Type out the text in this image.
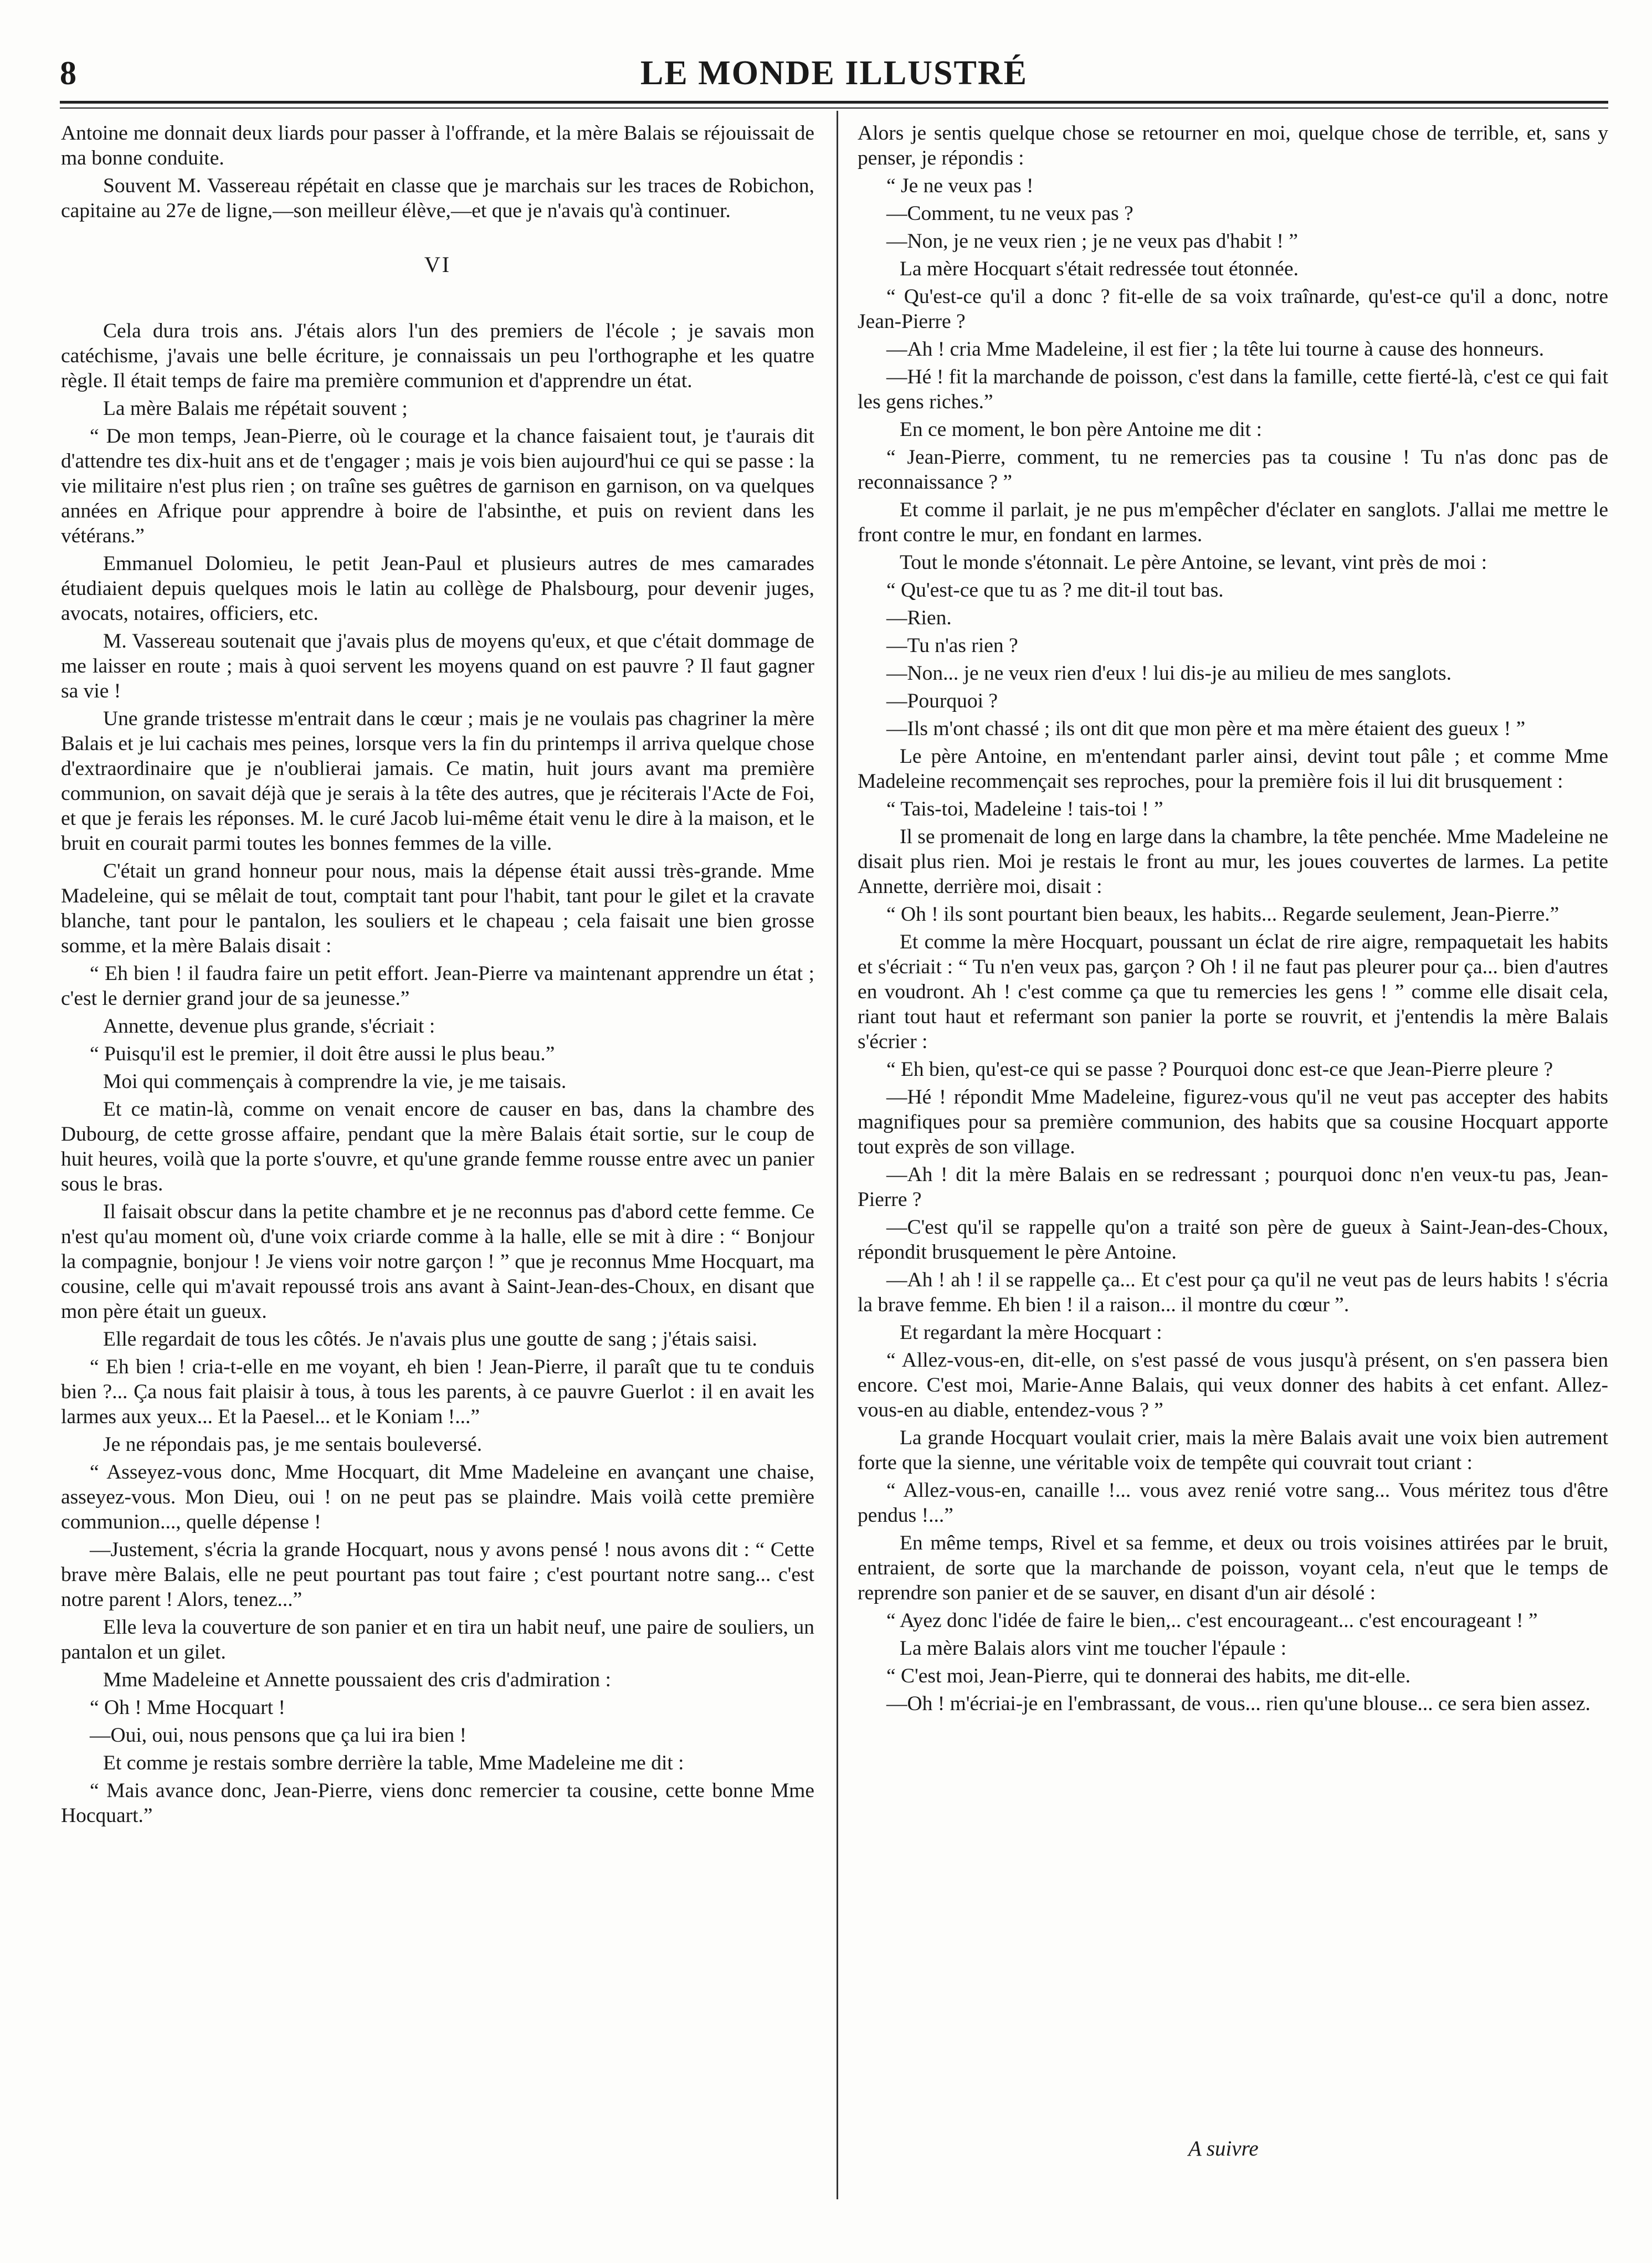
8	LE MONDE ILLUSTRÉ

Antoine me donnait deux liards pour passer à l'offrande, et la mère Balais se réjouissait de ma bonne conduite.

Souvent M. Vassereau répétait en classe que je marchais sur les traces de Robichon, capitaine au 27e de ligne,—son meilleur élève,—et que je n'avais qu'à continuer.

VI

Cela dura trois ans. J'étais alors l'un des premiers de l'école ; je savais mon catéchisme, j'avais une belle écriture, je connaissais un peu l'orthographe et les quatre règle. Il était temps de faire ma première communion et d'apprendre un état.

La mère Balais me répétait souvent ;

“ De mon temps, Jean-Pierre, où le courage et la chance faisaient tout, je t'aurais dit d'attendre tes dix-huit ans et de t'engager ; mais je vois bien aujourd'hui ce qui se passe : la vie militaire n'est plus rien ; on traîne ses guêtres de garnison en garnison, on va quelques années en Afrique pour apprendre à boire de l'absinthe, et puis on revient dans les vétérans.”

Emmanuel Dolomieu, le petit Jean-Paul et plusieurs autres de mes camarades étudiaient depuis quelques mois le latin au collège de Phalsbourg, pour devenir juges, avocats, notaires, officiers, etc.

M. Vassereau soutenait que j'avais plus de moyens qu'eux, et que c'était dommage de me laisser en route ; mais à quoi servent les moyens quand on est pauvre ? Il faut gagner sa vie !

Une grande tristesse m'entrait dans le cœur ; mais je ne voulais pas chagriner la mère Balais et je lui cachais mes peines, lorsque vers la fin du printemps il arriva quelque chose d'extraordinaire que je n'oublierai jamais. Ce matin, huit jours avant ma première communion, on savait déjà que je serais à la tête des autres, que je réciterais l'Acte de Foi, et que je ferais les réponses. M. le curé Jacob lui-même était venu le dire à la maison, et le bruit en courait parmi toutes les bonnes femmes de la ville.

C'était un grand honneur pour nous, mais la dépense était aussi très-grande. Mme Madeleine, qui se mêlait de tout, comptait tant pour l'habit, tant pour le gilet et la cravate blanche, tant pour le pantalon, les souliers et le chapeau ; cela faisait une bien grosse somme, et la mère Balais disait :

“ Eh bien ! il faudra faire un petit effort. Jean-Pierre va maintenant apprendre un état ; c'est le dernier grand jour de sa jeunesse.”

Annette, devenue plus grande, s'écriait :

“ Puisqu'il est le premier, il doit être aussi le plus beau.”

Moi qui commençais à comprendre la vie, je me taisais.

Et ce matin-là, comme on venait encore de causer en bas, dans la chambre des Dubourg, de cette grosse affaire, pendant que la mère Balais était sortie, sur le coup de huit heures, voilà que la porte s'ouvre, et qu'une grande femme rousse entre avec un panier sous le bras.

Il faisait obscur dans la petite chambre et je ne reconnus pas d'abord cette femme. Ce n'est qu'au moment où, d'une voix criarde comme à la halle, elle se mit à dire : “ Bonjour la compagnie, bonjour ! Je viens voir notre garçon ! ” que je reconnus Mme Hocquart, ma cousine, celle qui m'avait repoussé trois ans avant à Saint-Jean-des-Choux, en disant que mon père était un gueux.

Elle regardait de tous les côtés. Je n'avais plus une goutte de sang ; j'étais saisi.

“ Eh bien ! cria-t-elle en me voyant, eh bien ! Jean-Pierre, il paraît que tu te conduis bien ?... Ça nous fait plaisir à tous, à tous les parents, à ce pauvre Guerlot : il en avait les larmes aux yeux... Et la Paesel... et le Koniam !...”

Je ne répondais pas, je me sentais bouleversé.

“ Asseyez-vous donc, Mme Hocquart, dit Mme Madeleine en avançant une chaise, asseyez-vous. Mon Dieu, oui ! on ne peut pas se plaindre. Mais voilà cette première communion..., quelle dépense !

—Justement, s'écria la grande Hocquart, nous y avons pensé ! nous avons dit : “ Cette brave mère Balais, elle ne peut pourtant pas tout faire ; c'est pourtant notre sang... c'est notre parent ! Alors, tenez...”

Elle leva la couverture de son panier et en tira un habit neuf, une paire de souliers, un pantalon et un gilet.

Mme Madeleine et Annette poussaient des cris d'admiration :

“ Oh ! Mme Hocquart !

—Oui, oui, nous pensons que ça lui ira bien !

Et comme je restais sombre derrière la table, Mme Madeleine me dit :

“ Mais avance donc, Jean-Pierre, viens donc remercier ta cousine, cette bonne Mme Hocquart.”

Alors je sentis quelque chose se retourner en moi, quelque chose de terrible, et, sans y penser, je répondis :

“ Je ne veux pas !

—Comment, tu ne veux pas ?

—Non, je ne veux rien ; je ne veux pas d'habit ! ”

La mère Hocquart s'était redressée tout étonnée.

“ Qu'est-ce qu'il a donc ? fit-elle de sa voix traînarde, qu'est-ce qu'il a donc, notre Jean-Pierre ?

—Ah ! cria Mme Madeleine, il est fier ; la tête lui tourne à cause des honneurs.

—Hé ! fit la marchande de poisson, c'est dans la famille, cette fierté-là, c'est ce qui fait les gens riches.”

En ce moment, le bon père Antoine me dit :

“ Jean-Pierre, comment, tu ne remercies pas ta cousine ! Tu n'as donc pas de reconnaissance ? ”

Et comme il parlait, je ne pus m'empêcher d'éclater en sanglots. J'allai me mettre le front contre le mur, en fondant en larmes.

Tout le monde s'étonnait. Le père Antoine, se levant, vint près de moi :

“ Qu'est-ce que tu as ? me dit-il tout bas.

—Rien.

—Tu n'as rien ?

—Non... je ne veux rien d'eux ! lui dis-je au milieu de mes sanglots.

—Pourquoi ?

—Ils m'ont chassé ; ils ont dit que mon père et ma mère étaient des gueux ! ”

Le père Antoine, en m'entendant parler ainsi, devint tout pâle ; et comme Mme Madeleine recommençait ses reproches, pour la première fois il lui dit brusquement :

“ Tais-toi, Madeleine ! tais-toi ! ”

Il se promenait de long en large dans la chambre, la tête penchée. Mme Madeleine ne disait plus rien. Moi je restais le front au mur, les joues couvertes de larmes. La petite Annette, derrière moi, disait :

“ Oh ! ils sont pourtant bien beaux, les habits... Regarde seulement, Jean-Pierre.”

Et comme la mère Hocquart, poussant un éclat de rire aigre, rempaquetait les habits et s'écriait : “ Tu n'en veux pas, garçon ? Oh ! il ne faut pas pleurer pour ça... bien d'autres en voudront. Ah ! c'est comme ça que tu remercies les gens ! ” comme elle disait cela, riant tout haut et refermant son panier la porte se rouvrit, et j'entendis la mère Balais s'écrier :

“ Eh bien, qu'est-ce qui se passe ? Pourquoi donc est-ce que Jean-Pierre pleure ?

—Hé ! répondit Mme Madeleine, figurez-vous qu'il ne veut pas accepter des habits magnifiques pour sa première communion, des habits que sa cousine Hocquart apporte tout exprès de son village.

—Ah ! dit la mère Balais en se redressant ; pourquoi donc n'en veux-tu pas, Jean-Pierre ?

—C'est qu'il se rappelle qu'on a traité son père de gueux à Saint-Jean-des-Choux, répondit brusquement le père Antoine.

—Ah ! ah ! il se rappelle ça... Et c'est pour ça qu'il ne veut pas de leurs habits ! s'écria la brave femme. Eh bien ! il a raison... il montre du cœur ”.

Et regardant la mère Hocquart :

“ Allez-vous-en, dit-elle, on s'est passé de vous jusqu'à présent, on s'en passera bien encore. C'est moi, Marie-Anne Balais, qui veux donner des habits à cet enfant. Allez-vous-en au diable, entendez-vous ? ”

La grande Hocquart voulait crier, mais la mère Balais avait une voix bien autrement forte que la sienne, une véritable voix de tempête qui couvrait tout criant :

“ Allez-vous-en, canaille !... vous avez renié votre sang... Vous méritez tous d'être pendus !...”

En même temps, Rivel et sa femme, et deux ou trois voisines attirées par le bruit, entraient, de sorte que la marchande de poisson, voyant cela, n'eut que le temps de reprendre son panier et de se sauver, en disant d'un air désolé :

“ Ayez donc l'idée de faire le bien,.. c'est encourageant... c'est encourageant ! ”

La mère Balais alors vint me toucher l'épaule :

“ C'est moi, Jean-Pierre, qui te donnerai des habits, me dit-elle.

—Oh ! m'écriai-je en l'embrassant, de vous... rien qu'une blouse... ce sera bien assez.

A suivre
